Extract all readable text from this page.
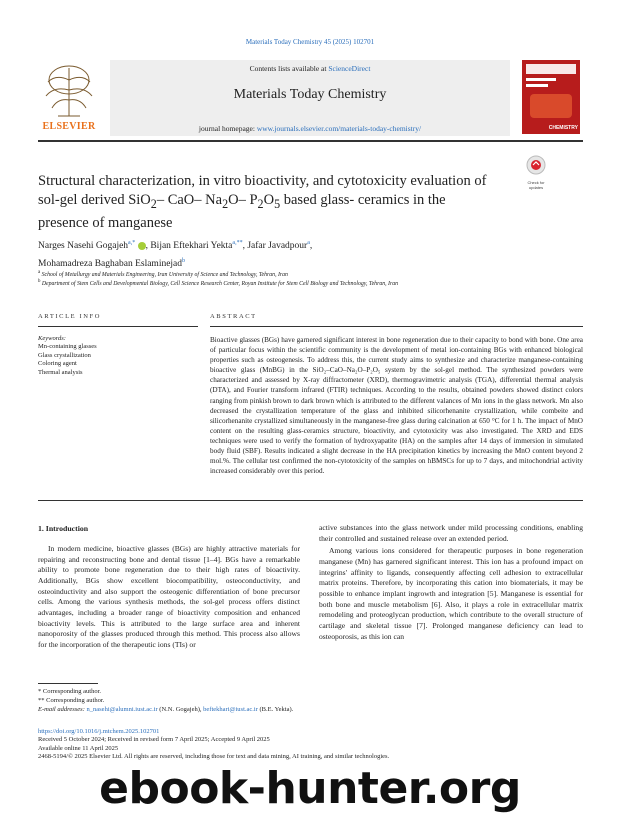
Materials Today Chemistry 45 (2025) 102701
ELSEVIER
Contents lists available at ScienceDirect
Materials Today Chemistry
journal homepage: www.journals.elsevier.com/materials-today-chemistry/	CHEMISTRY
Structural characterization, in vitro bioactivity, and cytotoxicity evaluation of sol-gel derived SiO$_2$– CaO– $Na_2O-$ $P_2O_5$ based glass- ceramics in the presence of manganese
Check for
updates
Narges Nasehi Gogajeh$^{a,*}$ , Bijan Eftekhari Yekta$^{a,**}$, Jafar Javadpour$^a$,
Mohamadreza Baghaban Eslaminejad$^b$
$^a$ School of Metallurgy and Materials Engineering, Iran University of Science and Technology, Tehran, Iran
$^b$ Department of Stem Cells and Developmental Biology, Cell Science Research Center, Royan Institute for Stem Cell Biology and Technology, Tehran, Iran
ARTICLE INFO	ABSTRACT
Keywords:
Mn-containing glasses
Glass crystallization
Coloring agent
Thermal analysis
Bioactive glasses (BGs) have garnered significant interest in bone regeneration due to their capacity to bond with bone. One area of particular focus within the scientific community is the development of metal ion-containing BGs with enhanced biological properties such as osteogenesis. To address this, the current study aims to synthesize and characterize manganese-containing bioactive glass (MnBG) in the SiO₂–CaO–Na₂O–P₂O₅ system by the sol-gel method. The synthesized powders were characterized and assessed by X-ray diffractometer (XRD), thermogravimetric analysis (TGA), differential thermal analysis (DTA), and Fourier transform infrared (FTIR) techniques. According to the results, obtained powders showed distinct colors ranging from pinkish brown to dark brown which is attributed to the different valances of Mn ions in the glass network. Mn also decreased the crystallization temperature of the glass and inhibited silicorhenanite crystallization, while combeite and silicorhenanite crystallized simultaneously in the manganese-free glass during calcination at 650 °C for 1 h. The impact of MnO content on the resulting glass-ceramics structure, bioactivity, and cytotoxicity was also investigated. The XRD and EDS techniques were used to verify the formation of hydroxyapatite (HA) on the samples after 14 days of immersion in simulated body fluid (SBF). Results indicated a slight decrease in the HA precipitation kinetics by increasing the MnO content beyond 2 mol.%. The cellular test confirmed the non-cytotoxicity of the samples on hBMSCs for up to 7 days, and mitochondrial activity increased considerably over this period.
1. Introduction

In modern medicine, bioactive glasses (BGs) are highly attractive materials for repairing and reconstructing bone and dental tissue [1–4]. BGs have a remarkable ability to promote bone regeneration due to their high rates of bioactivity. Additionally, BGs show excellent biocompatibility, osteoconductivity, and osteoinductivity and also support the osteogenic differentiation of bone precursor cells. Among the various synthesis methods, the sol-gel process offers distinct advantages, including a broader range of bioactivity composition and enhanced bioactivity levels. This is attributed to the large surface area and inherent nanoporosity of the glasses produced through this method. This process also allows for the incorporation of the therapeutic ions (TIs) or

active substances into the glass network under mild processing conditions, enabling their controlled and sustained release over an extended period.

Among various ions considered for therapeutic purposes in bone regeneration manganese (Mn) has garnered significant interest. This ion has a profound impact on integrins' affinity to ligands, consequently affecting cell adhesion to extracellular matrix proteins. Therefore, by incorporating this cation into biomaterials, it may be possible to enhance implant ingrowth and integration [5]. Manganese is essential for both bone and muscle metabolism [6]. Also, it plays a role in extracellular matrix remodeling and proteoglycan production, which contribute to the overall structure of cartilage and skeletal tissue [7]. Prolonged manganese deficiency can lead to osteoporosis, as this ion can

* Corresponding author.
** Corresponding author.
E-mail addresses: n_nasehi@alumni.iust.ac.ir (N.N. Gogajeh), beftekhari@iust.ac.ir (B.E. Yekta).
https://doi.org/10.1016/j.mtchem.2025.102701
Received 5 October 2024; Received in revised form 7 April 2025; Accepted 9 April 2025
Available online 11 April 2025
2468-5194/© 2025 Elsevier Ltd. All rights are reserved, including those for text and data mining, AI training, and similar technologies.
ebook-hunter.org
